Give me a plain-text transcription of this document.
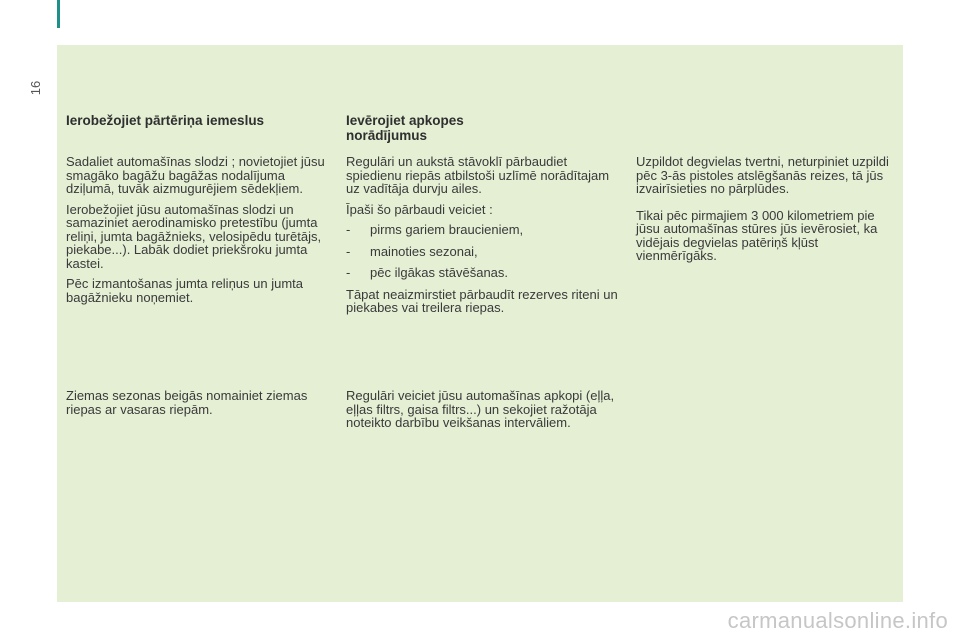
16
Ierobežojiet pārtēriņa iemeslus

Sadaliet automašīnas slodzi ; novietojiet jūsu smagāko bagāžu bagāžas nodalījuma dziļumā, tuvāk aizmugurējiem sēdekļiem.

Ierobežojiet jūsu automašīnas slodzi un samaziniet aerodinamisko pretestību (jumta reliņi, jumta bagāžnieks, velosipēdu turētājs, piekabe...). Labāk dodiet priekšroku jumta kastei.

Pēc izmantošanas jumta reliņus un jumta bagāžnieku noņemiet.

Ziemas sezonas beigās nomainiet ziemas riepas ar vasaras riepām.

Ievērojiet apkopes norādījumus

Regulāri un aukstā stāvoklī pārbaudiet spiedienu riepās atbilstoši uzlīmē norādītajam uz vadītāja durvju ailes.

Īpaši šo pārbaudi veiciet :

-	pirms gariem braucieniem,
-	mainoties sezonai,
-	pēc ilgākas stāvēšanas.

Tāpat neaizmirstiet pārbaudīt rezerves riteni un piekabes vai treilera riepas.

Regulāri veiciet jūsu automašīnas apkopi (eļļa, eļļas filtrs, gaisa filtrs...) un sekojiet ražotāja noteikto darbību veikšanas intervāliem.

Uzpildot degvielas tvertni, neturpiniet uzpildi pēc 3-ās pistoles atslēgšanās reizes, tā jūs izvairīsieties no pārplūdes.

Tikai pēc pirmajiem 3 000 kilometriem pie jūsu automašīnas stūres jūs ievērosiet, ka vidējais degvielas patēriņš kļūst vienmērīgāks.

carmanualsonline.info
